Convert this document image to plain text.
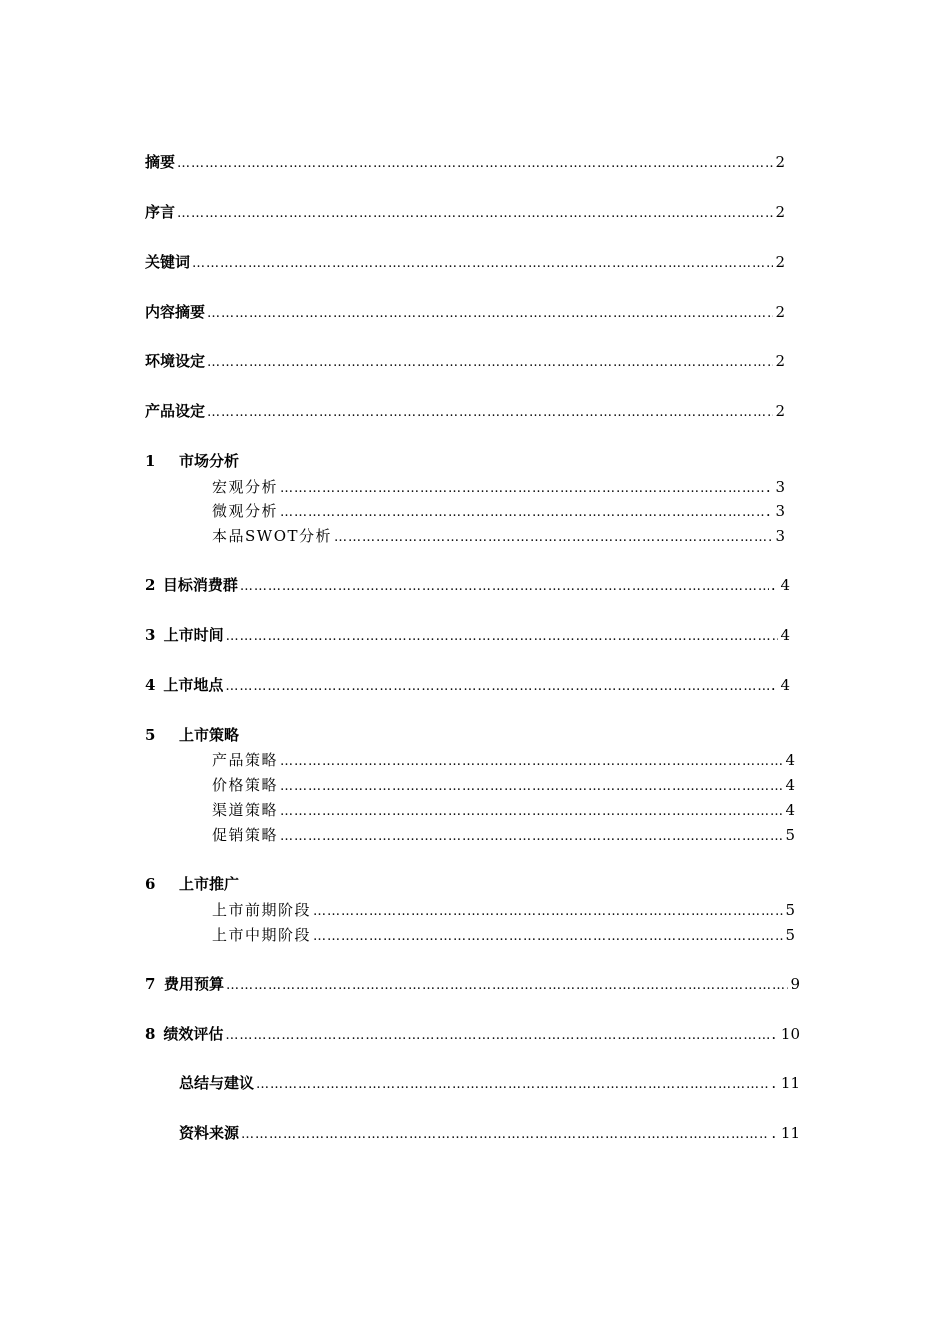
摘要 ………………………………………………………………………………………………………………………………………………………………………………………………	2
序言 ………………………………………………………………………………………………………………………………………………………………………………………………	2
关键词 ………………………………………………………………………………………………………………………………………………………………………………………………	2
内容摘要 ………………………………………………………………………………………………………………………………………………………………………………………………	2
环境设定 ………………………………………………………………………………………………………………………………………………………………………………………………	2
产品设定 ………………………………………………………………………………………………………………………………………………………………………………………………	2
1	市场分析
宏观分析 ………………………………………………………………………………………………………………………………………………………………………………………………	. 3
微观分析 ………………………………………………………………………………………………………………………………………………………………………………………………	. 3
本品SWOT分析 ………………………………………………………………………………………………………………………………………………………………………………………………	3
2 目标消费群 ………………………………………………………………………………………………………………………………………………………………………………………………	. 4
3 上市时间 ………………………………………………………………………………………………………………………………………………………………………………………………	4
4 上市地点 ………………………………………………………………………………………………………………………………………………………………………………………………	. 4
5	上市策略
产品策略 ………………………………………………………………………………………………………………………………………………………………………………………………	4
价格策略 ………………………………………………………………………………………………………………………………………………………………………………………………	4
渠道策略 ………………………………………………………………………………………………………………………………………………………………………………………………	4
促销策略 ………………………………………………………………………………………………………………………………………………………………………………………………	5
6	上市推广
上市前期阶段 ………………………………………………………………………………………………………………………………………………………………………………………………	5
上市中期阶段 ………………………………………………………………………………………………………………………………………………………………………………………………	5
7 费用预算 ………………………………………………………………………………………………………………………………………………………………………………………………	9
8 绩效评估 ………………………………………………………………………………………………………………………………………………………………………………………………	. 10
总结与建议 ………………………………………………………………………………………………………………………………………………………………………………………………	. 11
资料来源 ………………………………………………………………………………………………………………………………………………………………………………………………	. 11
